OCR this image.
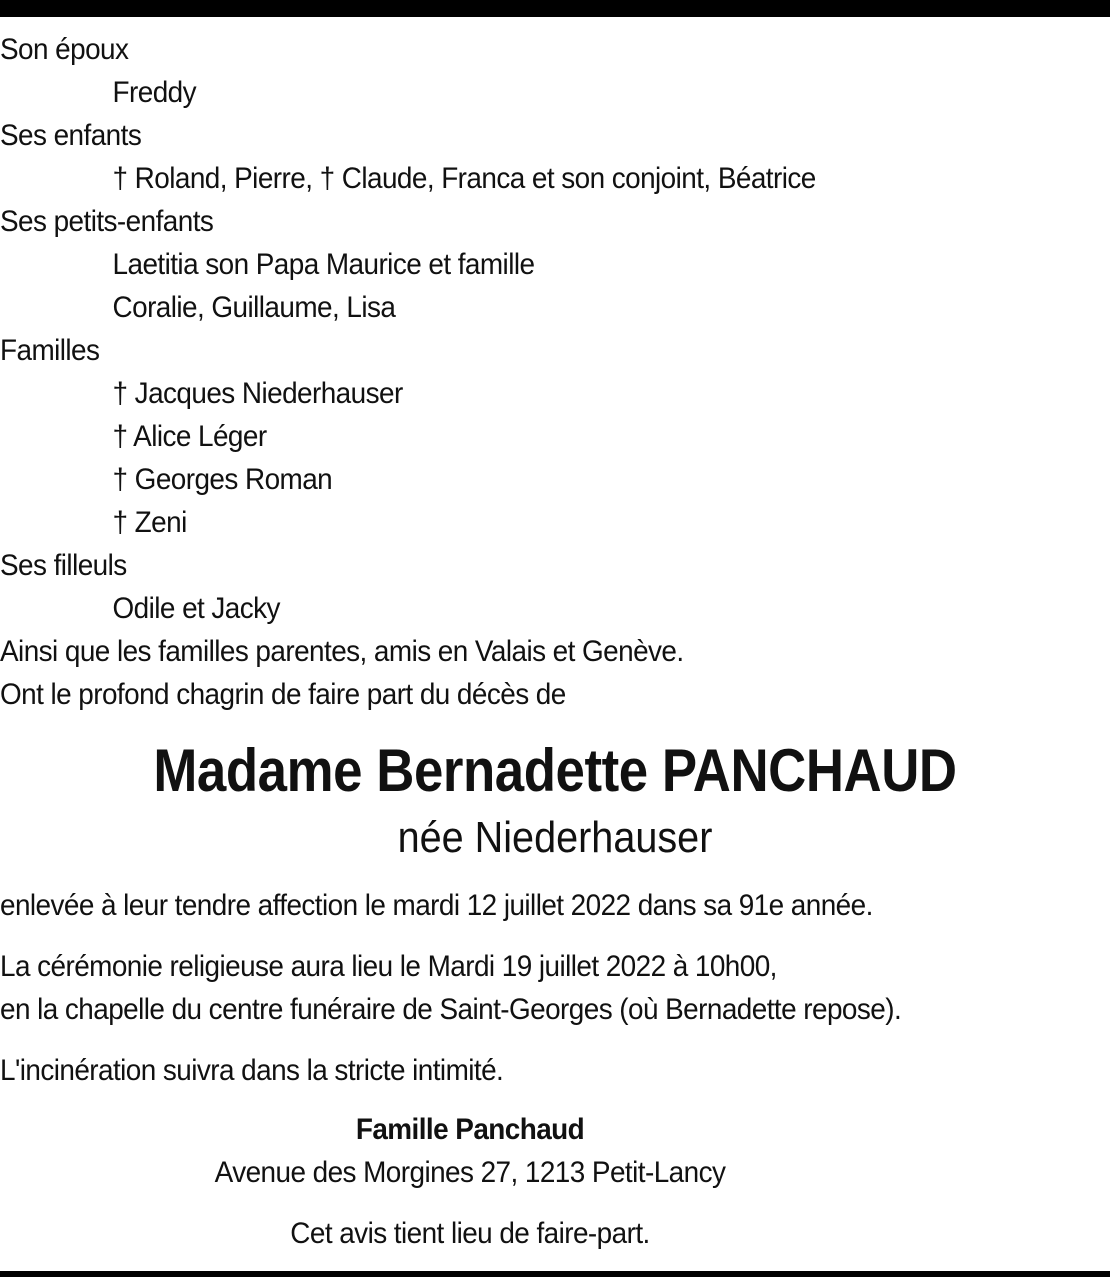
Son époux
Freddy
Ses enfants
† Roland, Pierre, † Claude, Franca et son conjoint, Béatrice
Ses petits-enfants
Laetitia son Papa Maurice et famille
Coralie, Guillaume, Lisa
Familles
† Jacques Niederhauser
† Alice Léger
† Georges Roman
† Zeni
Ses filleuls
Odile et Jacky
Ainsi que les familles parentes, amis en Valais et Genève.
Ont le profond chagrin de faire part du décès de
Madame Bernadette PANCHAUD
née Niederhauser
enlevée à leur tendre affection le mardi 12 juillet 2022 dans sa 91e année.
La cérémonie religieuse aura lieu le Mardi 19 juillet 2022 à 10h00,
en la chapelle du centre funéraire de Saint-Georges (où Bernadette repose).
L'incinération suivra dans la stricte intimité.
Famille Panchaud
Avenue des Morgines 27, 1213 Petit-Lancy
Cet avis tient lieu de faire-part.
